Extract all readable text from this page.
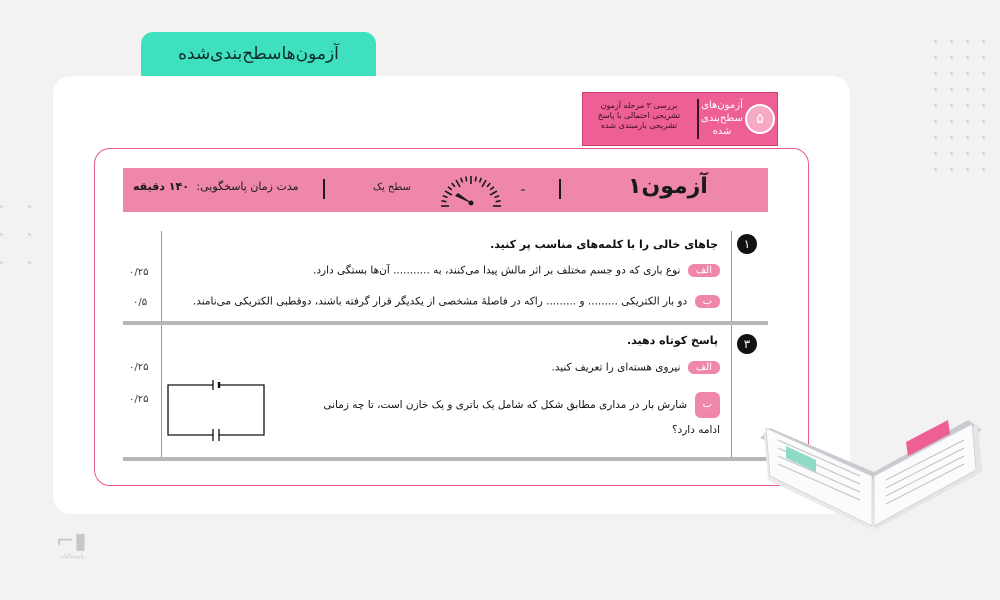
آزمون‌هاسطح‌بندی‌شده
بررسی ۳ مرحله آزمون
تشریحی احتمالی با پاسخ
تشریحی بارمبندی شده
آزمون‌های
سطح‌بندی
شده
۵
مدت زمان پاسخگویی: ۱۴۰ دقیقه	سطح یک	آزمون۱
۱
جاهای خالی را با کلمه‌های مناسب پر کنید.
الف نوع باری که دو جسم مختلف بر اثر مالش پیدا می‌کنند، به ........... آن‌ها بستگی دارد.
۰/۲۵
ب دو بار الکتریکی ......... و ......... راکه در فاصلهٔ مشخصی از یکدیگر قرار گرفته باشند، دوقطبی الکتریکی می‌نامند.
۰/۵
۳
پاسخ کوتاه دهید.
الف نیروی هسته‌ای را تعریف کنید.
۰/۲۵
ب شارش بار در مداری مطابق شکل که شامل یک باتری و یک خازن است، تا چه زمانی
ادامه دارد؟
۰/۲۵
⌐▮
پاینده‌کتاب
